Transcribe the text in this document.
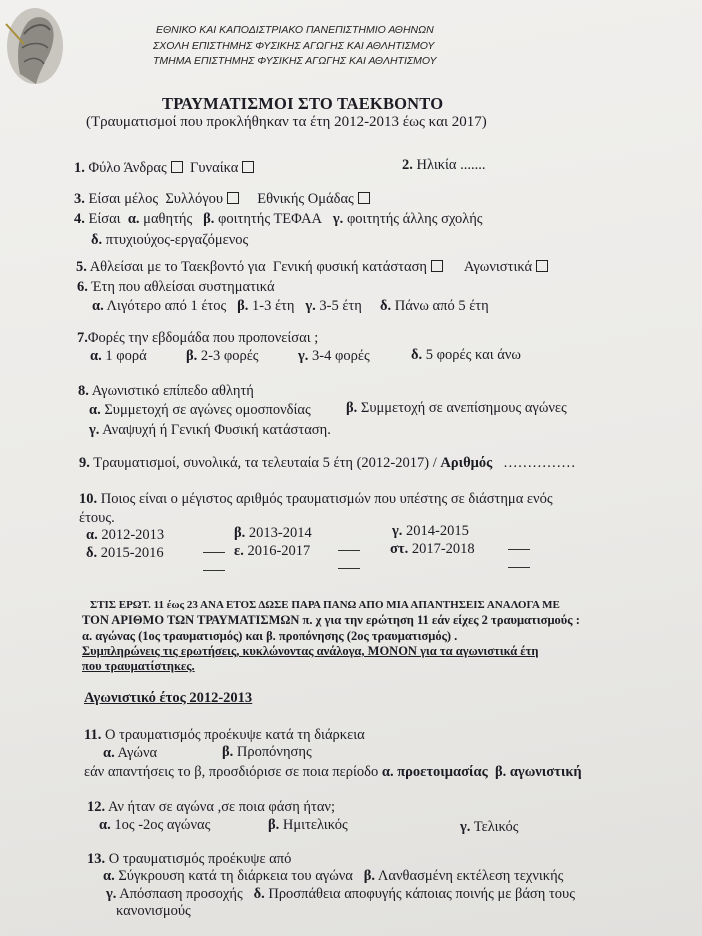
ΕΘΝΙΚΟ ΚΑΙ ΚΑΠΟΔΙΣΤΡΙΑΚΟ ΠΑΝΕΠΙΣΤΗΜΙΟ ΑΘΗΝΩΝ
ΣΧΟΛΗ ΕΠΙΣΤΗΜΗΣ ΦΥΣΙΚΗΣ ΑΓΩΓΗΣ ΚΑΙ ΑΘΛΗΤΙΣΜΟΥ
ΤΜΗΜΑ ΕΠΙΣΤΗΜΗΣ ΦΥΣΙΚΗΣ ΑΓΩΓΗΣ ΚΑΙ ΑΘΛΗΤΙΣΜΟΥ
ΤΡΑΥΜΑΤΙΣΜΟΙ ΣΤΟ ΤΑΕΚΒΟΝΤΟ
(Τραυματισμοί που προκλήθηκαν τα έτη 2012-2013 έως και 2017)
1. Φύλο Άνδρας Γυναίκα	2. Ηλικία .......
3. Είσαι μέλος Συλλόγου Εθνικής Ομάδας
4. Είσαι α. μαθητής β. φοιτητής ΤΕΦΑΑ γ. φοιτητής άλλης σχολής
δ. πτυχιούχος-εργαζόμενος
5. Αθλείσαι με το Ταεκβοντό για Γενική φυσική κατάσταση	Αγωνιστικά
6. Έτη που αθλείσαι συστηματικά
α. Λιγότερο από 1 έτος β. 1-3 έτη γ. 3-5 έτη δ. Πάνω από 5 έτη
7.Φορές την εβδομάδα που προπονείσαι ;
α. 1 φορά	β. 2-3 φορές	γ. 3-4 φορές	δ. 5 φορές και άνω
8. Αγωνιστικό επίπεδο αθλητή
α. Συμμετοχή σε αγώνες ομοσπονδίας β. Συμμετοχή σε ανεπίσημους αγώνες
γ. Αναψυχή ή Γενική Φυσική κατάσταση.
9. Τραυματισμοί, συνολικά, τα τελευταία 5 έτη (2012-2017) / Αριθμός ……………
10. Ποιος είναι ο μέγιστος αριθμός τραυματισμών που υπέστης σε διάστημα ενός
έτους.
α. 2012-2013	β. 2013-2014	γ. 2014-2015
δ. 2015-2016	ε. 2016-2017	στ. 2017-2018
ΣΤΙΣ ΕΡΩΤ. 11 έως 23 ΑΝΑ ΕΤΟΣ ΔΩΣΕ ΠΑΡΑ ΠΑΝΩ ΑΠΟ ΜΙΑ ΑΠΑΝΤΗΣΕΙΣ ΑΝΑΛΟΓΑ ΜΕ
ΤΟΝ ΑΡΙΘΜΟ ΤΩΝ ΤΡΑΥΜΑΤΙΣΜΩΝ π. χ για την ερώτηση 11 εάν είχες 2 τραυματισμούς :
α. αγώνας (1ος τραυματισμός) και β. προπόνησης (2ος τραυματισμός) .
Συμπληρώνεις τις ερωτήσεις, κυκλώνοντας ανάλογα, ΜΟΝΟΝ για τα αγωνιστικά έτη
που τραυματίστηκες.
Αγωνιστικό έτος 2012-2013
11. Ο τραυματισμός προέκυψε κατά τη διάρκεια
α. Αγώνα	β. Προπόνησης
εάν απαντήσεις το β, προσδιόρισε σε ποια περίοδο α. προετοιμασίας β. αγωνιστική
12. Αν ήταν σε αγώνα ,σε ποια φάση ήταν;
α. 1ος -2ος αγώνας	β. Ημιτελικός	γ. Τελικός
13. Ο τραυματισμός προέκυψε από
α. Σύγκρουση κατά τη διάρκεια του αγώνα β. Λανθασμένη εκτέλεση τεχνικής
γ. Απόσπαση προσοχής δ. Προσπάθεια αποφυγής κάποιας ποινής με βάση τους
κανονισμούς
